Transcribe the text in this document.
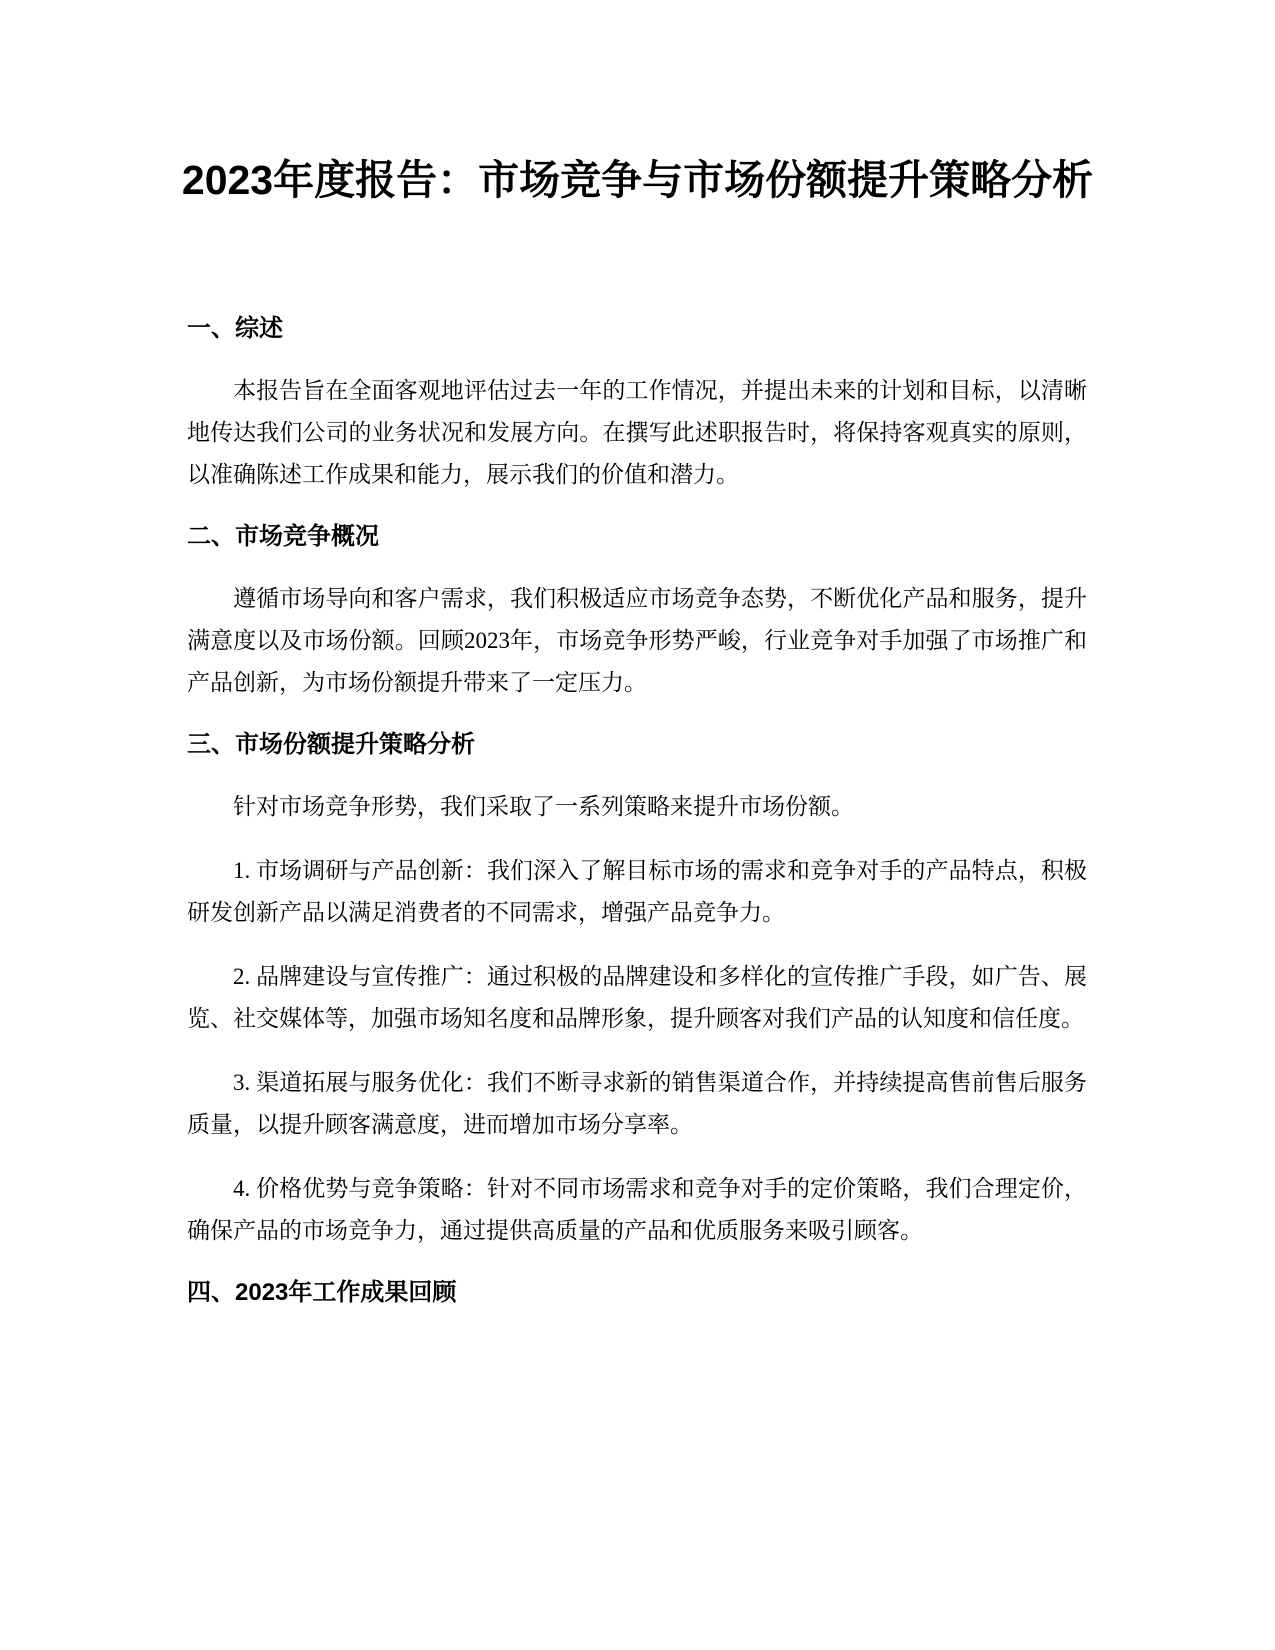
2023年度报告：市场竞争与市场份额提升策略分析
一、综述

本报告旨在全面客观地评估过去一年的工作情况，并提出未来的计划和目标，以清晰地传达我们公司的业务状况和发展方向。在撰写此述职报告时，将保持客观真实的原则，以准确陈述工作成果和能力，展示我们的价值和潜力。

二、市场竞争概况

遵循市场导向和客户需求，我们积极适应市场竞争态势，不断优化产品和服务，提升满意度以及市场份额。回顾2023年，市场竞争形势严峻，行业竞争对手加强了市场推广和产品创新，为市场份额提升带来了一定压力。

三、市场份额提升策略分析

针对市场竞争形势，我们采取了一系列策略来提升市场份额。

1. 市场调研与产品创新：我们深入了解目标市场的需求和竞争对手的产品特点，积极研发创新产品以满足消费者的不同需求，增强产品竞争力。

2. 品牌建设与宣传推广：通过积极的品牌建设和多样化的宣传推广手段，如广告、展览、社交媒体等，加强市场知名度和品牌形象，提升顾客对我们产品的认知度和信任度。

3. 渠道拓展与服务优化：我们不断寻求新的销售渠道合作，并持续提高售前售后服务质量，以提升顾客满意度，进而增加市场分享率。

4. 价格优势与竞争策略：针对不同市场需求和竞争对手的定价策略，我们合理定价，确保产品的市场竞争力，通过提供高质量的产品和优质服务来吸引顾客。

四、2023年工作成果回顾
